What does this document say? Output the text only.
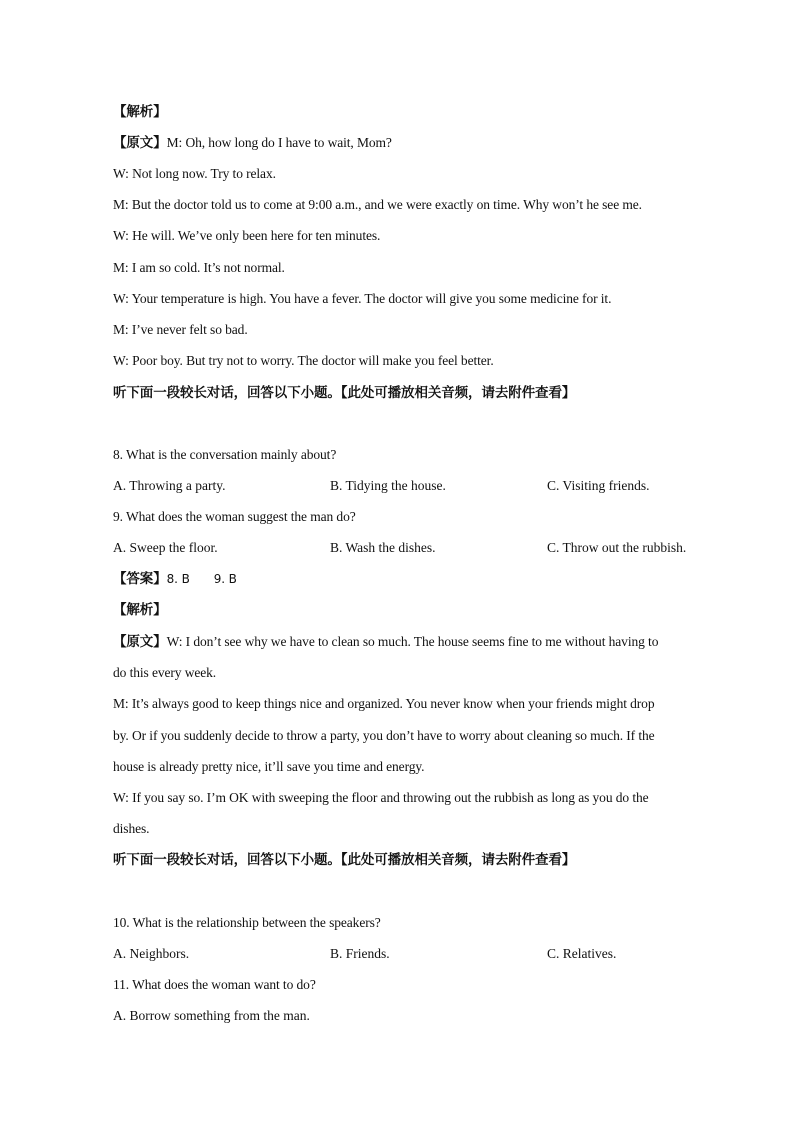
【解析】
【原文】M: Oh, how long do I have to wait, Mom?
W: Not long now. Try to relax.
M: But the doctor told us to come at 9:00 a.m., and we were exactly on time. Why won’t he see me.
W: He will. We’ve only been here for ten minutes.
M: I am so cold. It’s not normal.
W: Your temperature is high. You have a fever. The doctor will give you some medicine for it.
M: I’ve never felt so bad.
W: Poor boy. But try not to worry. The doctor will make you feel better.
听下面一段较长对话，回答以下小题。【此处可播放相关音频，请去附件查看】
8. What is the conversation mainly about?
A. Throwing a party.	B. Tidying the house.	C. Visiting friends.
9. What does the woman suggest the man do?
A. Sweep the floor.	B. Wash the dishes.	C. Throw out the rubbish.
【答案】8. B 9. B
【解析】
【原文】W: I don’t see why we have to clean so much. The house seems fine to me without having to
do this every week.
M: It’s always good to keep things nice and organized. You never know when your friends might drop
by. Or if you suddenly decide to throw a party, you don’t have to worry about cleaning so much. If the
house is already pretty nice, it’ll save you time and energy.
W: If you say so. I’m OK with sweeping the floor and throwing out the rubbish as long as you do the
dishes.
听下面一段较长对话，回答以下小题。【此处可播放相关音频，请去附件查看】
10. What is the relationship between the speakers?
A. Neighbors.	B. Friends.	C. Relatives.
11. What does the woman want to do?
A. Borrow something from the man.
